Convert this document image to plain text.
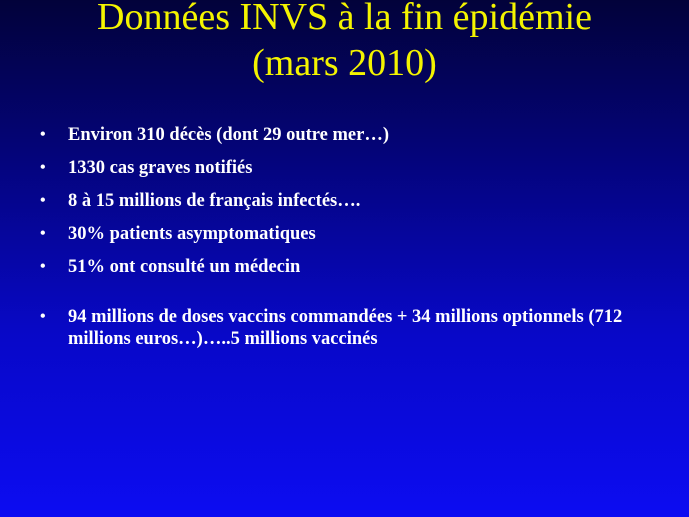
Données INVS à la fin épidémie
(mars 2010)
• Environ 310 décès (dont 29 outre mer…)
• 1330 cas graves notifiés
• 8 à 15 millions de français infectés….
• 30% patients asymptomatiques
• 51% ont consulté un médecin
• 94 millions de doses vaccins commandées + 34 millions optionnels (712 millions euros…)…..5 millions vaccinés
